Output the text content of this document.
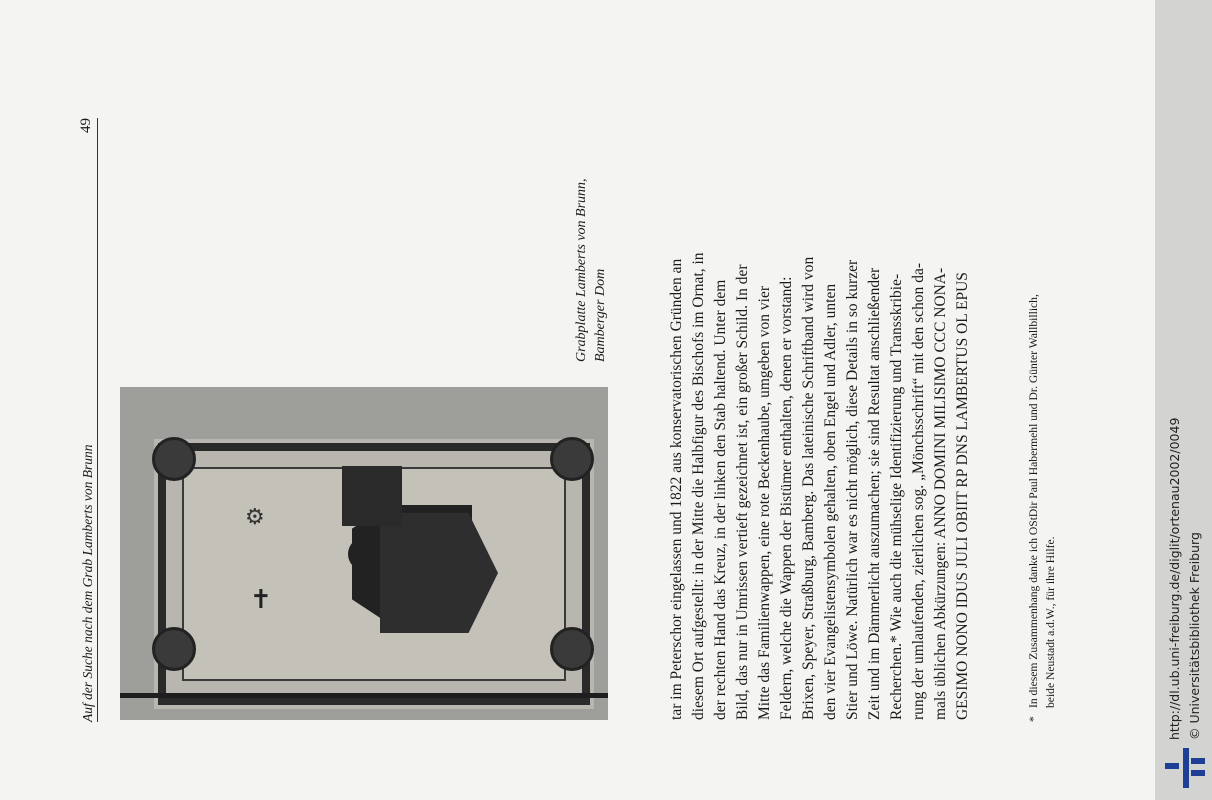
Auf der Suche nach dem Grab Lamberts von Brunn
49
✝
⚙
Grabplatte Lamberts von Brunn, Bamberger Dom	tar im Peterschor eingelassen und 1822 aus konservatorischen Gründen an diesem Ort aufgestellt: in der Mitte die Halbfigur des Bischofs im Ornat, in der rechten Hand das Kreuz, in der linken den Stab haltend. Unter dem Bild, das nur in Umrissen vertieft gezeichnet ist, ein großer Schild. In der Mitte das Familienwappen, eine rote Beckenhaube, umgeben von vier Feldern, welche die Wappen der Bistümer enthalten, denen er vorstand: Brixen, Speyer, Straßburg, Bamberg. Das lateinische Schriftband wird von den vier Evangelistensymbolen gehalten, oben Engel und Adler, unten Stier und Löwe. Natürlich war es nicht möglich, diese Details in so kurzer Zeit und im Dämmerlicht auszumachen; sie sind Resultat anschließender Recherchen.* Wie auch die mühselige Identifizierung und Transskribie- rung der umlaufenden, zierlichen sog. „Mönchsschrift“ mit den schon da- mals üblichen Abkürzungen: ANNO DOMINI MILISIMO CCC NONA- GESIMO NONO IDUS JULI OBIIT RP DNS LAMBERTUS OL EPUS	*
In diesem Zusammenhang danke ich OStDir Paul Habermehl und Dr. Günter Wallbillich, beide Neustadt a.d.W., für ihre Hilfe.	http://dl.ub.uni-freiburg.de/diglit/ortenau2002/0049 © Universitätsbibliothek Freiburg
